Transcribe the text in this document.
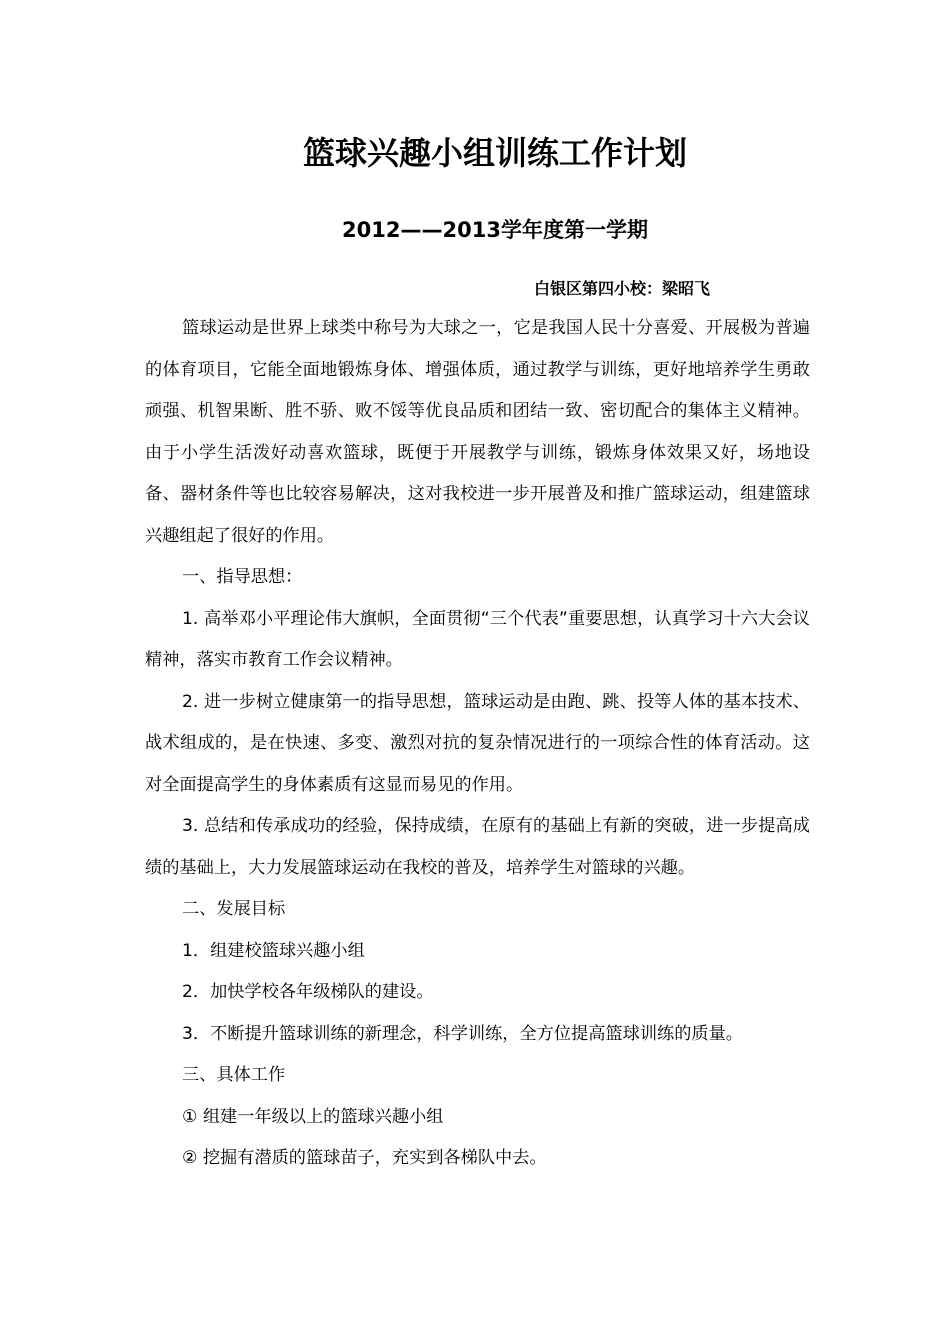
篮球兴趣小组训练工作计划
2012——2013学年度第一学期
白银区第四小校：梁昭飞

篮球运动是世界上球类中称号为大球之一，它是我国人民十分喜爱、开展极为普遍的体育项目，它能全面地锻炼身体、增强体质，通过教学与训练，更好地培养学生勇敢顽强、机智果断、胜不骄、败不馁等优良品质和团结一致、密切配合的集体主义精神。由于小学生活泼好动喜欢篮球，既便于开展教学与训练，锻炼身体效果又好，场地设备、器材条件等也比较容易解决，这对我校进一步开展普及和推广篮球运动，组建篮球兴趣组起了很好的作用。

一、指导思想：

1. 高举邓小平理论伟大旗帜，全面贯彻“三个代表”重要思想，认真学习十六大会议精神，落实市教育工作会议精神。

2. 进一步树立健康第一的指导思想，篮球运动是由跑、跳、投等人体的基本技术、战术组成的，是在快速、多变、激烈对抗的复杂情况进行的一项综合性的体育活动。这对全面提高学生的身体素质有这显而易见的作用。

3. 总结和传承成功的经验，保持成绩，在原有的基础上有新的突破，进一步提高成绩的基础上，大力发展篮球运动在我校的普及，培养学生对篮球的兴趣。

二、发展目标

1．组建校篮球兴趣小组

2．加快学校各年级梯队的建设。

3．不断提升篮球训练的新理念，科学训练，全方位提高篮球训练的质量。

三、具体工作

① 组建一年级以上的篮球兴趣小组

② 挖掘有潜质的篮球苗子，充实到各梯队中去。
